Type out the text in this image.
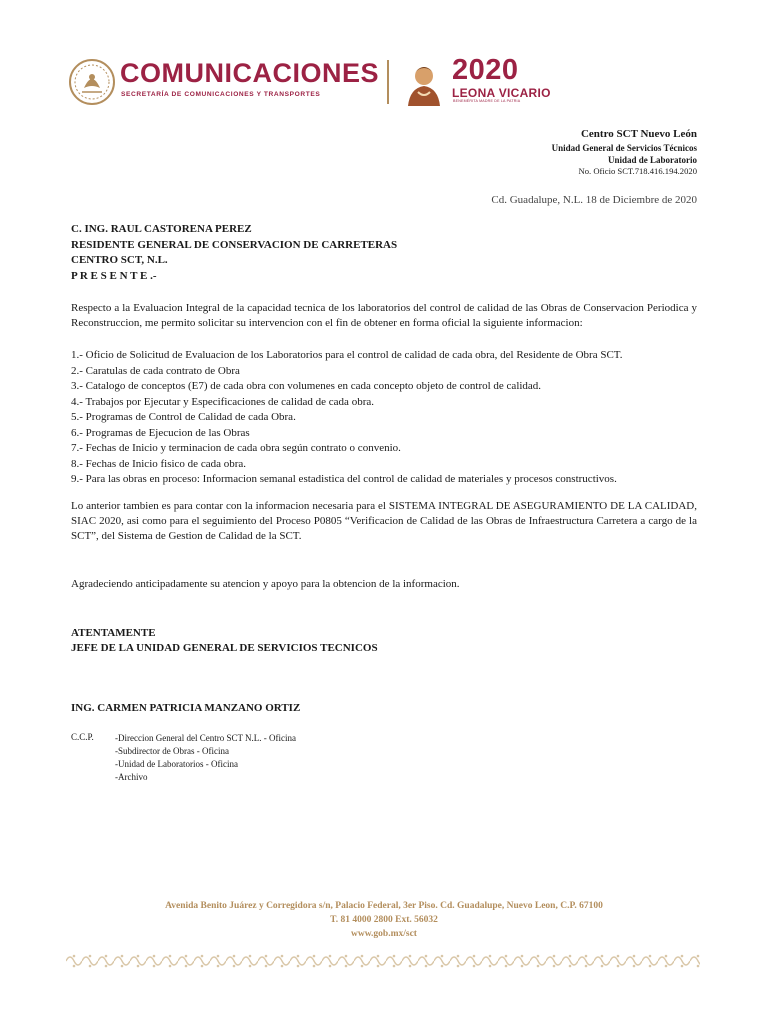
COMUNICACIONES
SECRETARÍA DE COMUNICACIONES Y TRANSPORTES
2020
LEONA VICARIO
BENEMÉRITA MADRE DE LA PATRIA
Centro SCT Nuevo León
Unidad General de Servicios Técnicos
Unidad de Laboratorio
No. Oficio SCT.718.416.194.2020
Cd. Guadalupe, N.L. 18 de Diciembre de 2020
C. ING. RAUL CASTORENA PEREZ
RESIDENTE GENERAL DE CONSERVACION DE CARRETERAS
CENTRO SCT, N.L.
P R E S E N T E .-
Respecto a la Evaluacion Integral de la capacidad tecnica de los laboratorios del control de calidad de las Obras de Conservacion Periodica y Reconstruccion, me permito solicitar su intervencion con el fin de obtener en forma oficial la siguiente informacion:
1.- Oficio de Solicitud de Evaluacion de los Laboratorios para el control de calidad de cada obra, del Residente de Obra SCT.
2.- Caratulas de cada contrato de Obra
3.- Catalogo de conceptos (E7) de cada obra con volumenes en cada concepto objeto de control de calidad.
4.- Trabajos por Ejecutar y Especificaciones de calidad de cada obra.
5.- Programas de Control de Calidad de cada Obra.
6.- Programas de Ejecucion de las Obras
7.- Fechas de Inicio y terminacion de cada obra según contrato o convenio.
8.- Fechas de Inicio fisico de cada obra.
9.- Para las obras en proceso: Informacion semanal estadistica del control de calidad de materiales y procesos constructivos.
Lo anterior tambien es para contar con la informacion necesaria para el SISTEMA INTEGRAL DE ASEGURAMIENTO DE LA CALIDAD, SIAC 2020, asi como para el seguimiento del Proceso P0805 “Verificacion de Calidad de las Obras de Infraestructura Carretera a cargo de la SCT”, del Sistema de Gestion de Calidad de la SCT.
Agradeciendo anticipadamente su atencion y apoyo para la obtencion de la informacion.
ATENTAMENTE
JEFE DE LA UNIDAD GENERAL DE SERVICIOS TECNICOS
ING. CARMEN PATRICIA MANZANO ORTIZ
C.C.P. -Direccion General del Centro SCT N.L. - Oficina
-Subdirector de Obras - Oficina
-Unidad de Laboratorios - Oficina
-Archivo
Avenida Benito Juárez y Corregidora s/n, Palacio Federal, 3er Piso. Cd. Guadalupe, Nuevo Leon, C.P. 67100
T. 81 4000 2800 Ext. 56032
www.gob.mx/sct
